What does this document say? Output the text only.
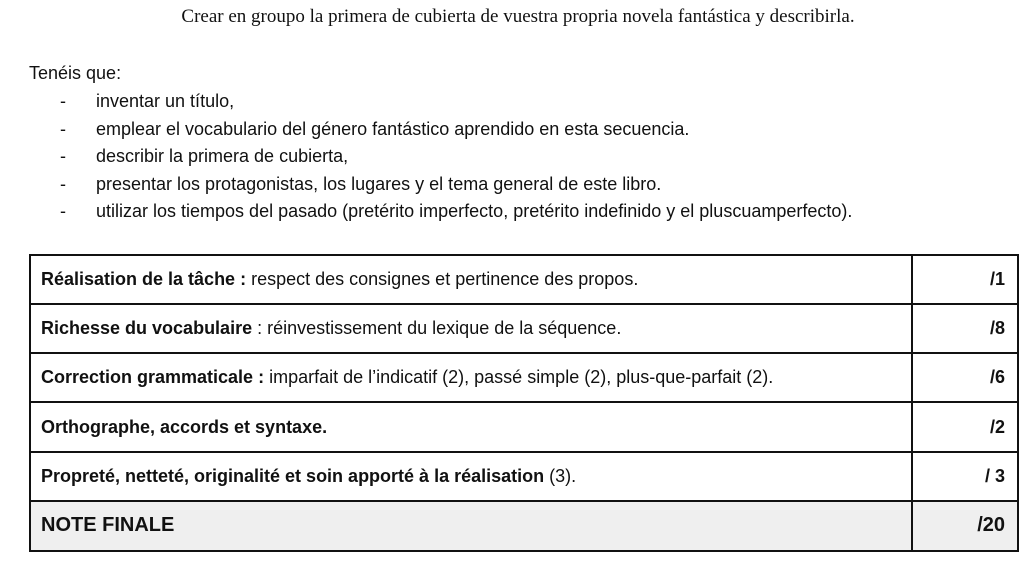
Crear en groupo la primera de cubierta de vuestra propria novela fantástica y describirla.
Tenéis que:
- inventar un título,
- emplear el vocabulario del género fantástico aprendido en esta secuencia.
- describir la primera de cubierta,
- presentar los protagonistas, los lugares y el tema general de este libro.
- utilizar los tiempos del pasado (pretérito imperfecto, pretérito indefinido y el pluscuamperfecto).
Réalisation de la tâche : respect des consignes et pertinence des propos.	/1
Richesse du vocabulaire : réinvestissement du lexique de la séquence.	/8
Correction grammaticale : imparfait de l’indicatif (2), passé simple (2), plus-que-parfait (2).	/6
Orthographe, accords et syntaxe.	/2
Propreté, netteté, originalité et soin apporté à la réalisation (3).	/ 3
NOTE FINALE	/20
